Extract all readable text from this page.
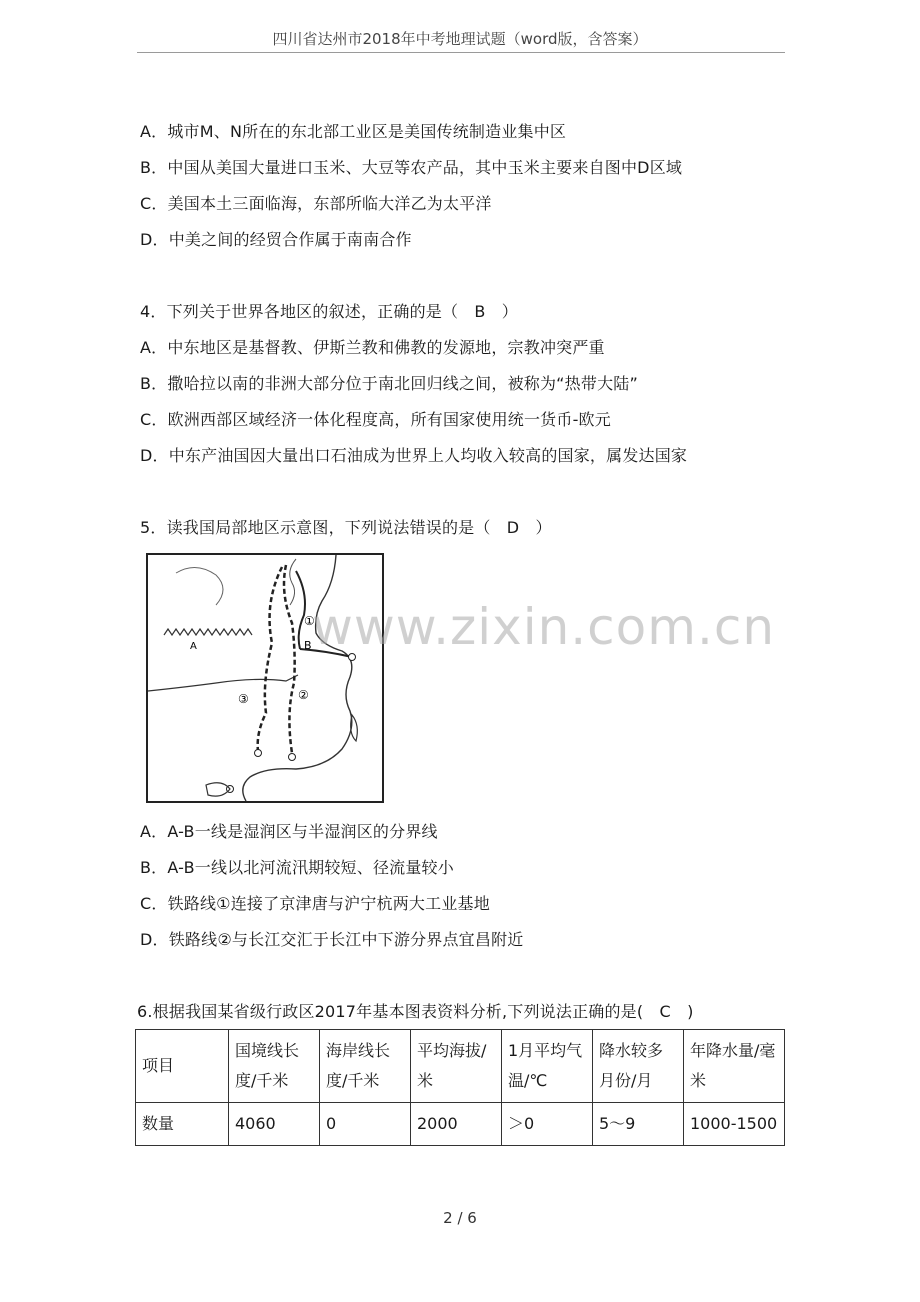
四川省达州市2018年中考地理试题（word版，含答案）
A．城市M、N所在的东北部工业区是美国传统制造业集中区
B．中国从美国大量进口玉米、大豆等农产品，其中玉米主要来自图中D区域
C．美国本土三面临海，东部所临大洋乙为太平洋
D．中美之间的经贸合作属于南南合作
4．下列关于世界各地区的叙述，正确的是（　B　）
A．中东地区是基督教、伊斯兰教和佛教的发源地，宗教冲突严重
B．撒哈拉以南的非洲大部分位于南北回归线之间，被称为“热带大陆”
C．欧洲西部区域经济一体化程度高，所有国家使用统一货币-欧元
D．中东产油国因大量出口石油成为世界上人均收入较高的国家，属发达国家
5．读我国局部地区示意图，下列说法错误的是（　D　）
A	B
①
②
③
www.zixin.com.cn
A．A-B一线是湿润区与半湿润区的分界线
B．A-B一线以北河流汛期较短、径流量较小
C．铁路线①连接了京津唐与沪宁杭两大工业基地
D．铁路线②与长江交汇于长江中下游分界点宜昌附近
6.根据我国某省级行政区2017年基本图表资料分析,下列说法正确的是(　C　)
项目	国境线长度/千米	海岸线长度/千米	平均海拔/米	1月平均气温/℃	降水较多月份/月	年降水量/毫米
数量	4060	0	2000	＞0	5～9	1000-1500
2 / 6
